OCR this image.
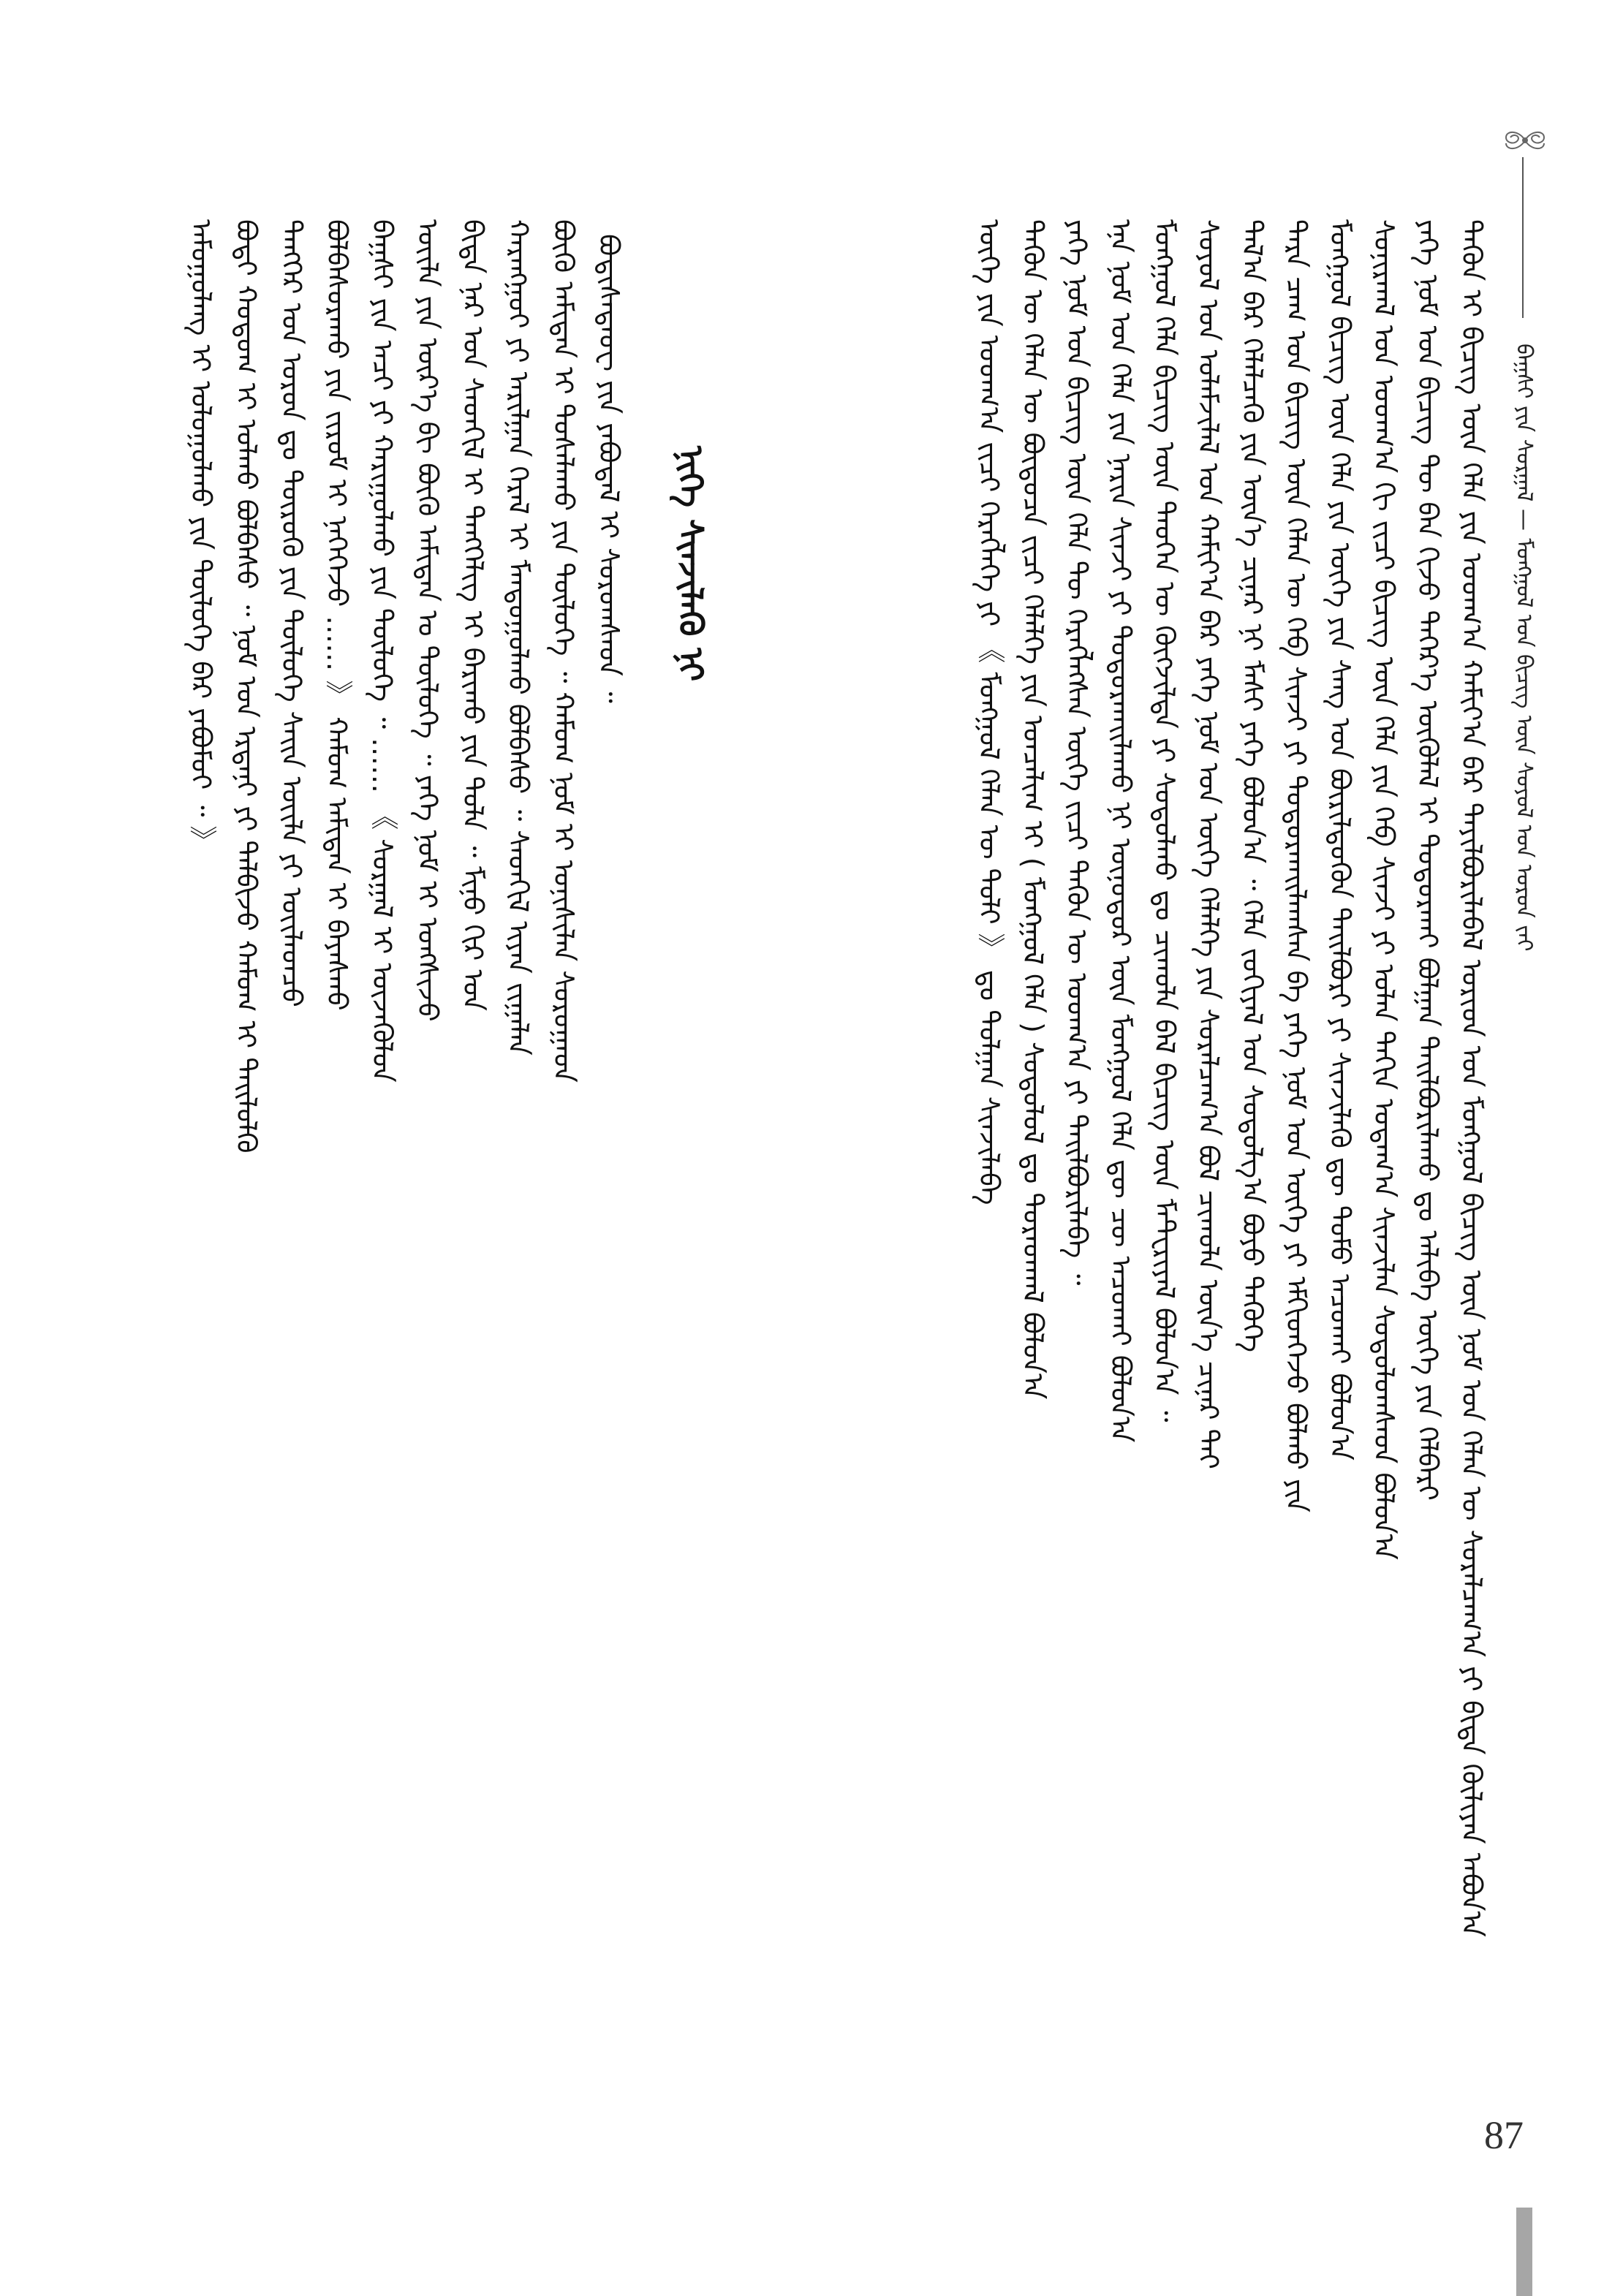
ᠪᠠᠭ᠋ᠰᠢ ᠶᠢᠨ ᠰᠤᠷᠭᠠᠯ — ᠮᠣᠩᠭᠣᠯ ᠤᠨ ᠪᠢᠴᠢᠭ ᠦᠨ ᠰᠣᠶᠣᠯ ᠤᠨ ᠣᠷᠣᠨ ᠵᠠᠢ
ᠲᠡᠭᠦᠨ ᠢ ᠪᠢᠴᠢᠭ᠌ ᠦᠨ ᠬᠡᠯᠡ ᠶᠢᠨ ᠤᠳᠬ᠎ᠠ ᠬᠠᠮᠢᠶ᠎ᠠ ᠪᠠᠷ ᠲᠠᠶᠢᠯᠪᠤᠷᠢᠯᠠᠪᠠᠯ ᠤᠷᠢᠳ ᠤᠨ ᠮᠣᠩᠭᠣᠯ ᠪᠢᠴᠢᠭ᠌ ᠦᠨ ᠨᠣᠮ ᠤᠨ ᠬᠡᠯᠡᠨ ᠦ ᠰᠤᠷᠠᠯᠴᠠᠭ᠎ᠠ ᠶᠢ ᠪᠢᠳᠡ ᠬᠦᠯᠢᠶᠡᠨ ᠠᠪᠤᠨ᠎ᠠ
ᠶᠡᠬᠡ ᠨᠣᠮ ᠤᠨ ᠪᠢᠴᠢᠭ ᠲᠦ ᠪᠠᠨ ᠬᠢᠵᠦ ᠳᠡᠭᠡᠷ᠎ᠡ ᠥᠭᠦᠯᠡᠯ ᠢ ᠲᠣᠳᠣᠷᠬᠠᠢ ᠪᠣᠯᠭᠠᠨ ᠲᠠᠢᠯᠪᠤᠷᠢᠯᠠᠬᠤ ᠳᠤ ᠠᠯᠢᠪᠠ ᠦᠭᠡ ᠶᠢᠨ ᠬᠡᠯᠪᠡᠷᠢ
ᠰᠣᠨᠢᠷᠬᠠᠯ ᠤᠨ ᠤᠳᠬ᠎ᠠ ᠬᠢ ᠵᠢᠴᠢ ᠪᠢᠴᠢᠭ᠌ ᠦᠨ ᠬᠡᠯᠡ ᠶᠢᠨ ᠬᠡᠪ ᠰᠢᠨᠵᠢ ᠶᠢ ᠣᠯᠠᠨ ᠳᠠᠬᠢᠨ ᠤᠳᠠᠭ᠎ᠠ ᠰᠢᠨᠵᠢᠯᠡᠨ ᠰᠤᠳᠤᠯᠤᠭᠰᠠᠳ ᠪᠣᠯᠤᠨ᠎ᠠ
ᠮᠣᠩᠭᠣᠯ ᠪᠢᠴᠢᠭ ᠦᠨ ᠬᠡᠯᠡ ᠶᠢᠨ ᠦᠭᠡ ᠶᠢᠨ ᠰᠠᠩ ᠤᠨ ᠪᠦᠷᠢᠯᠳᠦᠬᠦᠨ ᠲᠠᠢᠯᠪᠤᠷᠢ ᠶᠢ ᠰᠢᠨᠵᠢᠯᠡᠬᠦ ᠳᠦ ᠲᠣᠮᠣ ᠠᠴᠤᠬᠠᠢ ᠪᠣᠯᠤᠨ᠎ᠠ
ᠲᠡᠷᠡ ᠴᠠᠭ ᠤᠨ ᠪᠢᠴᠢᠭ ᠦᠨ ᠬᠡᠯᠡᠨ ᠦ ᠬᠡᠪ ᠰᠢᠨᠵᠢ ᠶᠢ ᠲᠣᠳᠣᠷᠬᠠᠢᠯᠠᠭᠰᠠᠨ ᠪᠠ ᠶᠡᠬᠡ ᠨᠣᠮ ᠤᠨ ᠦᠭᠡ ᠶᠢ ᠡᠮᠬᠢᠳᠬᠡᠵᠦ ᠪᠣᠯᠬᠤ ᠶᠢᠨ
ᠲᠠᠯ᠎ᠠ ᠪᠠᠷ ᠬᠡᠯᠡᠯᠴᠡᠬᠦ ᠶᠢᠨ ᠦᠨ᠎ᠡ ᠴᠢᠨᠠᠷ ᠨᠢ ᠮᠠᠰᠢ ᠶᠡᠬᠡ ᠪᠣᠯᠤᠨ᠎ᠠ ᠃ ᠬᠡᠯᠡ ᠵᠣᠬᠢᠶᠠᠯ ᠤᠨ ᠰᠤᠳᠤᠯᠭ᠎ᠠ ᠪᠤᠶᠤ ᠲᠡᠭᠦᠬᠡ
ᠰᠣᠶᠣᠯ ᠤᠨ ᠤᠯᠠᠮᠵᠢᠯᠠᠯ ᠤᠨ ᠬᠠᠮᠢᠶ᠎ᠠ ᠪᠠᠷ ᠶᠡᠬᠡ ᠨᠣᠮ ᠤᠨ ᠦᠭᠡ ᠬᠡᠯᠡᠯᠭᠡ ᠶᠢᠨ ᠰᠤᠷᠠᠯᠴᠠᠭ᠎ᠠ ᠪᠣᠯ ᠴᠢᠬᠤᠯᠠ ᠦᠨ᠎ᠡ ᠴᠢᠨᠠᠷ ᠲᠠᠢ
ᠮᠣᠩᠭᠣᠯ ᠬᠡᠯᠡ ᠪᠢᠴᠢᠭ ᠦᠨ ᠲᠡᠦᠬᠡᠨ ᠦ ᠬᠥᠭᠵᠢᠯᠲᠡ ᠶᠢ ᠰᠤᠳᠤᠯᠬᠤ ᠳᠤ ᠴᠢᠬᠤᠯᠠ ᠪᠡᠯ ᠪᠢᠴᠢᠭ ᠦᠨ ᠮᠠᠲ᠋ᠧᠷᠢᠶᠠᠯ ᠪᠣᠯᠤᠨ᠎ᠠ ᠃
ᠡᠨᠡ ᠨᠣᠮ ᠤᠨ ᠬᠡᠯᠡ ᠶᠢᠨ ᠨᠠᠷᠢᠨ ᠰᠢᠨᠵᠢ ᠶᠢ ᠲᠣᠳᠣᠷᠬᠠᠢᠯᠠᠬᠤ ᠨᠢ ᠥᠨᠥᠳᠥᠷ ᠦᠨ ᠮᠣᠩᠭᠣᠯ ᠬᠡᠯᠡ ᠳᠦ ᠴᠦ ᠠᠴᠤᠬᠠᠢ ᠪᠣᠯᠤᠨ᠎ᠠ
ᠶᠡᠬᠡ ᠨᠣᠮ ᠤᠨ ᠪᠢᠴᠢᠭ ᠦᠨ ᠬᠡᠯᠡ ᠲᠦ ᠬᠡᠷᠡᠭᠯᠡᠭᠰᠡᠨ ᠦᠭᠡ ᠵᠢᠴᠢ ᠲᠡᠭᠦᠨ ᠦ ᠤᠳᠬ᠎ᠠ ᠶᠢ ᠲᠠᠢᠯᠪᠤᠷᠢᠯᠠᠪᠠ ᠃
ᠲᠡᠭᠦᠨ ᠦ ᠬᠡᠯᠡᠨ ᠦ ᠪᠦᠲᠦᠴᠡ ᠵᠢᠴᠢ ᠬᠡᠯᠡᠯᠭᠡ ᠶᠢᠨ ᠣᠨᠴᠠᠯᠢᠭ ᠢ ( ᠮᠣᠩᠭᠣᠯ ᠬᠡᠯᠡ ) ᠰᠤᠳᠤᠯᠤᠯ ᠳᠤ ᠳᠤᠷᠠᠳᠬᠠᠯ ᠪᠣᠯᠤᠨ᠎ᠠ
ᠦᠭᠡ ᠶᠢᠨ ᠤᠳᠬ᠎ᠠ ᠵᠢᠴᠢ ᠬᠡᠷᠡᠭᠯᠡᠭᠡ ᠶᠢ 《 ᠮᠣᠩᠭᠣᠯ ᠬᠡᠯᠡᠨ ᠦ ᠲᠣᠯᠢ 》 ᠳᠤ ᠲᠤᠯᠭᠠᠨ ᠰᠢᠨᠵᠢᠯᠡᠪᠡ
ᠨᠢᠭᠡ ᠰᠢᠨᠵᠢᠯᠡᠬᠦ ᠨᠢ
ᠪᠣᠳᠢᠰᠠᠳᠤ᠋ᠸ ᠶᠢᠨ ᠶᠠᠪᠤᠳᠠᠯ ᠢ ᠰᠤᠷᠤᠭᠰᠠᠳ ᠃
ᠪᠦᠬᠦ ᠠᠮᠢᠳᠠᠨ ᠢ ᠲᠤᠰᠠᠯᠠᠬᠤ ᠶᠢᠨ ᠲᠥᠯᠦᠭᠡ ᠃ ᠬᠠᠮᠤᠭ ᠨᠣᠮ ᠢ ᠤᠨᠢᠰᠢᠯᠠᠨ ᠰᠤᠷᠤᠭᠠᠳ
ᠬᠠᠷᠠᠩᠭᠤᠢ ᠶᠢ ᠠᠷᠢᠯᠭᠠᠨ ᠭᠡᠷᠡᠯ ᠢ ᠮᠠᠨᠳᠤᠭᠤᠯᠬᠤ ᠪᠣᠯᠪᠠᠰᠤ ᠃ ᠰᠡᠳᠬᠢᠯ ᠢᠶᠡᠨ ᠵᠢᠭᠠᠯᠠᠨ
ᠪᠢᠳᠡ ᠨᠠᠷ ᠤᠨ ᠰᠡᠳᠬᠢᠯ ᠢ ᠲᠡᠩᠭᠡᠯᠢᠭ ᠢ ᠪᠠᠷᠢᠬᠤ ᠶᠢᠨ ᠳᠤᠯᠠ ᠃ ᠮᠢᠨᠤ ᠬᠢᠷ ᠤᠨ
ᠦᠢᠯᠡ ᠶᠢᠨ ᠦᠷ᠎ᠡ ᠪᠢ ᠪᠦᠬᠦ ᠠᠮᠢᠳᠠᠨ ᠤ ᠲᠥᠯᠦᠭᠡ ᠃ ᠶᠡᠬᠡ ᠨᠣᠮ ᠢ ᠤᠩᠰᠢᠵᠤ
ᠪᠠᠭ᠋ᠰᠢ ᠶᠢᠨ ᠠᠴᠢ ᠶᠢ ᠬᠠᠷᠢᠭᠤᠯᠬᠤ ᠶᠢᠨ ᠲᠥᠯᠦᠭᠡ ᠃ …… 《 ᠰᠤᠷᠭᠠᠯ ᠢ ᠦᠵᠡᠭᠦᠯᠦᠨ
ᠪᠣᠯᠪᠠᠰᠤᠷᠠᠬᠤ ᠶᠢᠨ ᠵᠢᠷᠤᠮ ᠢ ᠨᠡᠭᠡᠭᠡᠵᠦ …… 》 ᠬᠠᠮᠤᠭ ᠠᠮᠢᠳᠠᠨ ᠢ ᠪᠠᠶᠠᠰᠬᠤ
ᠲᠡᠩᠭᠡᠷ ᠤᠨ ᠣᠷᠣᠨ ᠳᠤ ᠲᠥᠷᠥᠬᠦ ᠶᠢᠨ ᠲᠥᠯᠦᠭᠡ ᠰᠠᠢᠨ ᠦᠢᠯᠡ ᠶᠢ ᠦᠢᠯᠡᠳᠴᠦ
ᠪᠣᠳᠢ ᠬᠤᠲᠤᠭ ᠢ ᠣᠯᠬᠤ ᠪᠣᠯᠪᠠᠰᠤ ᠃ ᠨᠣᠮ ᠤᠨ ᠡᠷᠳᠡᠨᠢ ᠶᠢ ᠲᠠᠯᠪᠢᠵᠤ ᠬᠠᠮᠤᠭ ᠢ ᠲᠡᠢᠯᠦᠯᠬᠦ
ᠠᠮᠤᠭᠤᠯᠠᠩ ᠢ ᠣᠯᠤᠭᠤᠯᠬᠤ ᠶᠢᠨ ᠲᠥᠯᠦᠭᠡ ᠪᠡᠷ ᠶᠠᠪᠤᠮᠤᠢ ᠃ 》
87
